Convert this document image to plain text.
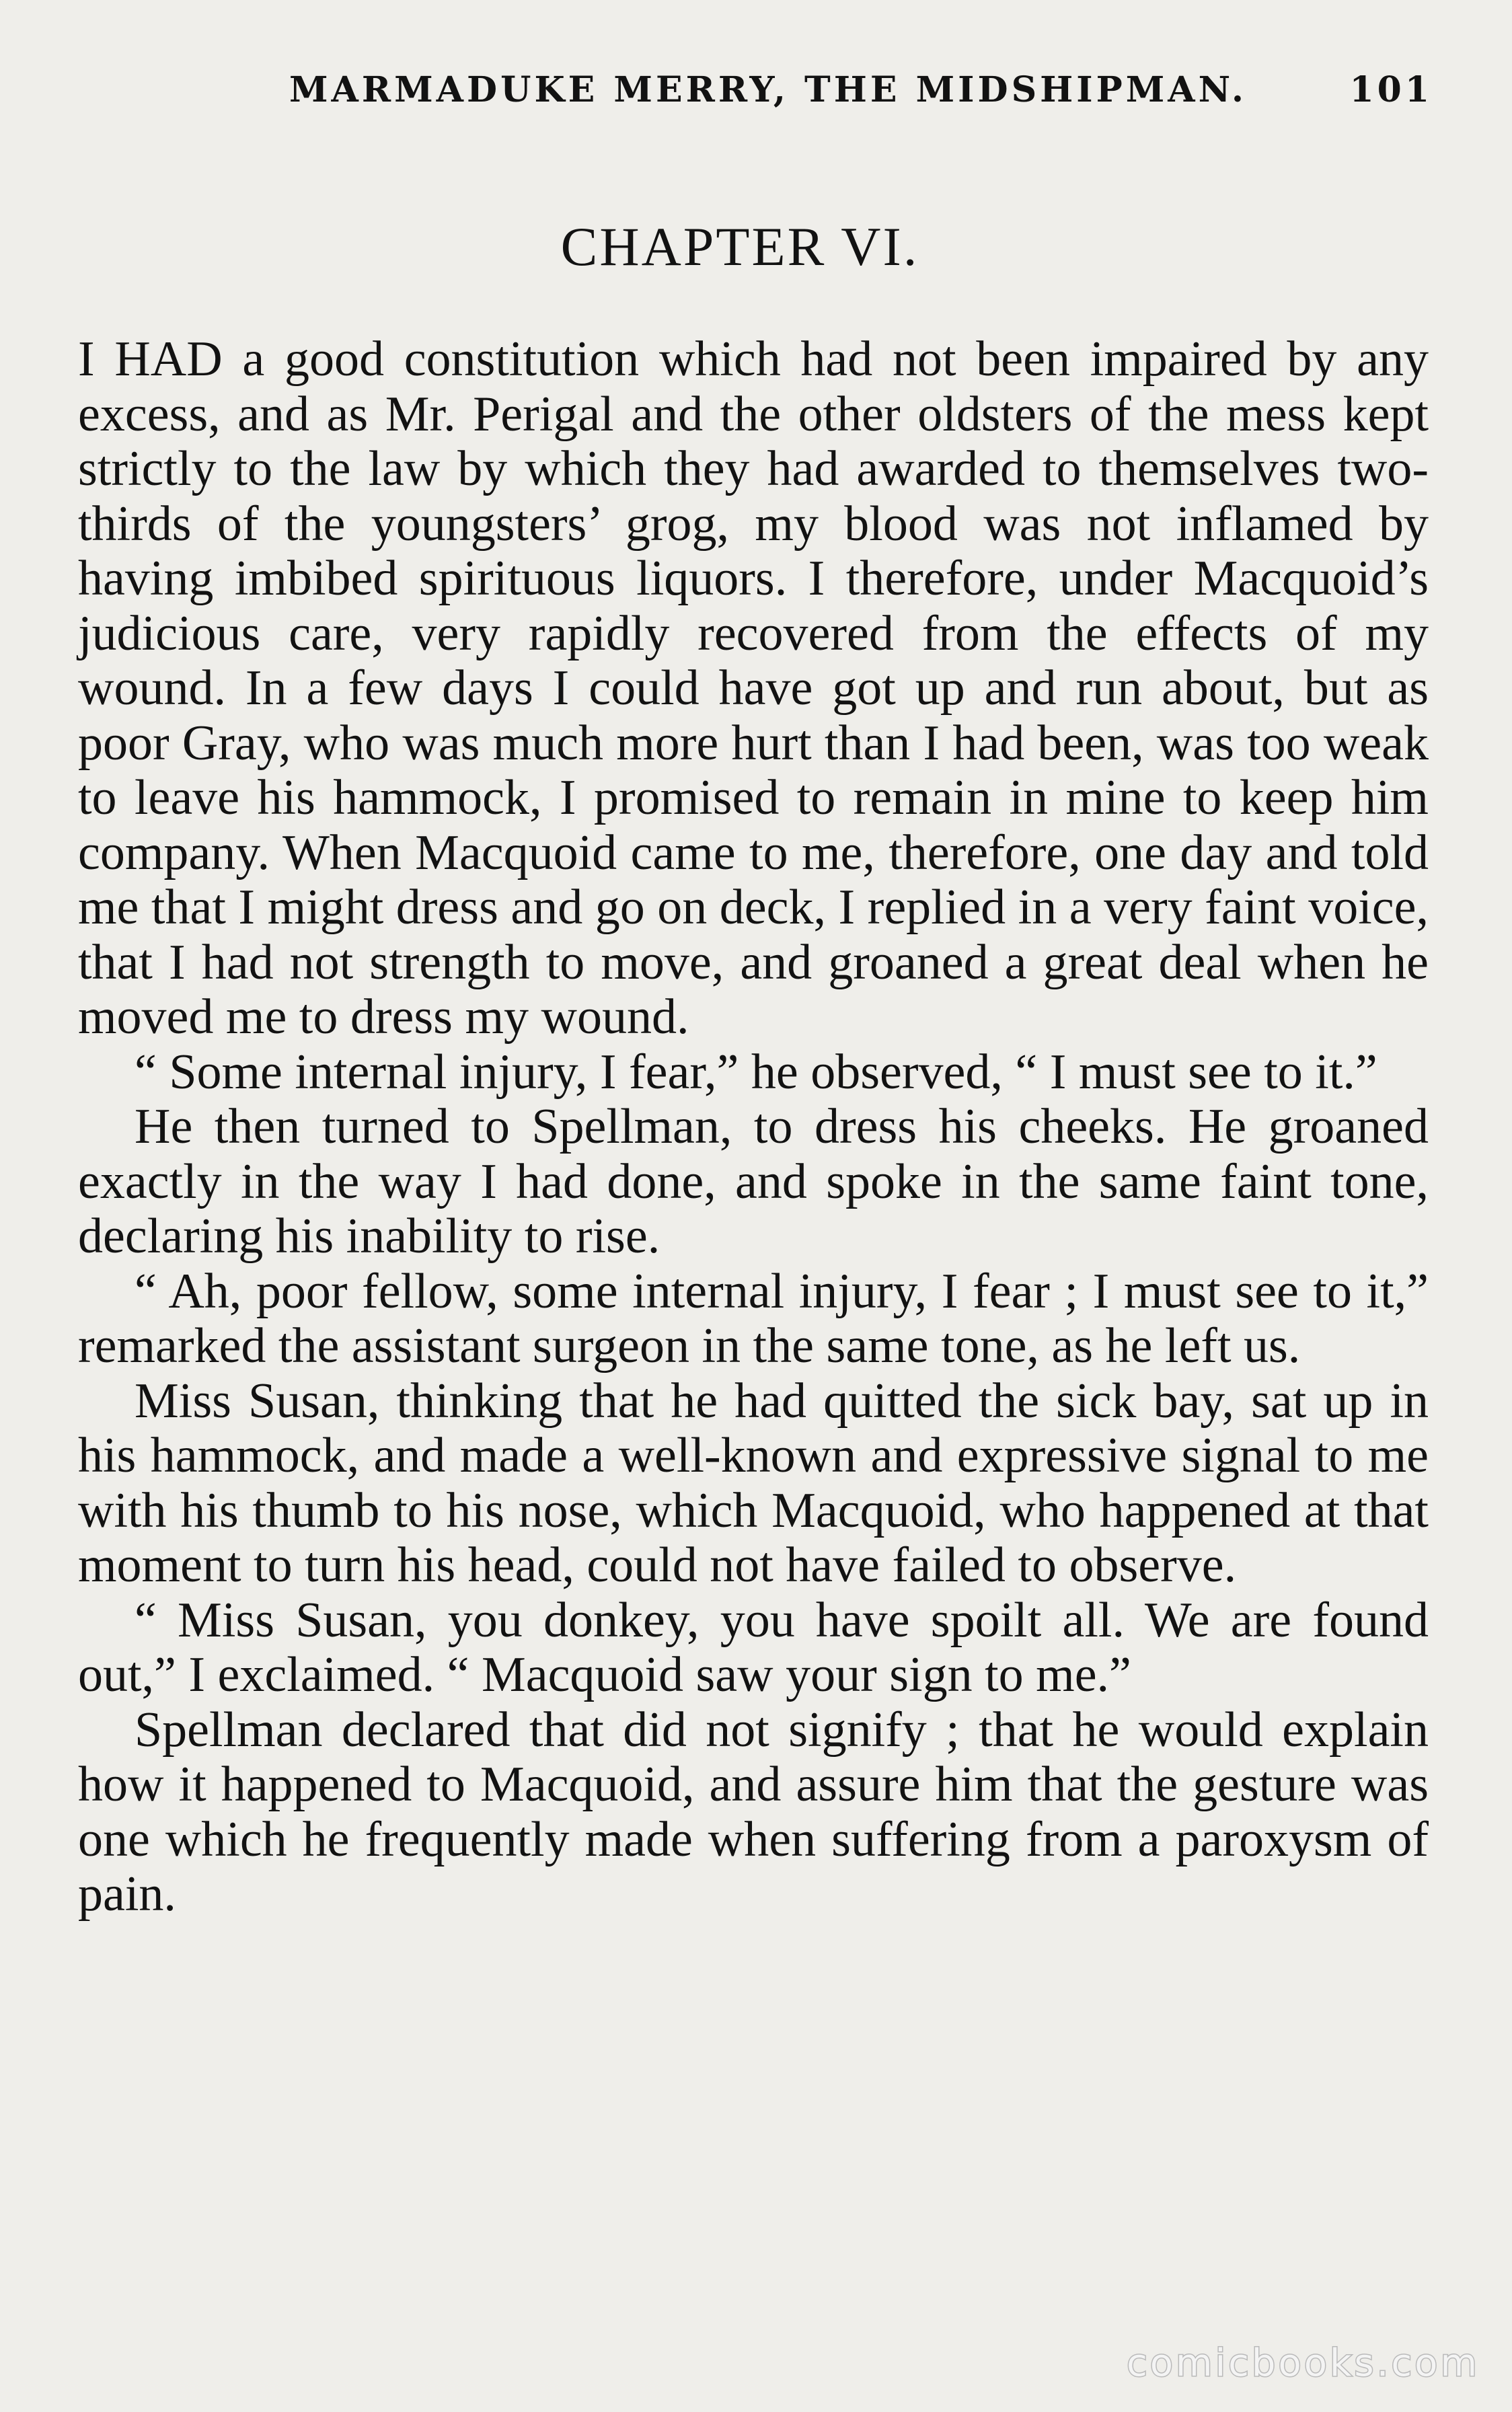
MARMADUKE MERRY, THE MIDSHIPMAN.	101
CHAPTER VI.

I HAD a good constitution which had not been impaired by any excess, and as Mr. Perigal and the other oldsters of the mess kept strictly to the law by which they had awarded to themselves two-thirds of the youngsters’ grog, my blood was not inflamed by having imbibed spirituous liquors. I therefore, under Macquoid’s judicious care, very rapidly recovered from the effects of my wound. In a few days I could have got up and run about, but as poor Gray, who was much more hurt than I had been, was too weak to leave his hammock, I promised to remain in mine to keep him company. When Macquoid came to me, therefore, one day and told me that I might dress and go on deck, I replied in a very faint voice, that I had not strength to move, and groaned a great deal when he moved me to dress my wound.

“ Some internal injury, I fear,” he observed, “ I must see to it.”

He then turned to Spellman, to dress his cheeks. He groaned exactly in the way I had done, and spoke in the same faint tone, declaring his inability to rise.

“ Ah, poor fellow, some internal injury, I fear ; I must see to it,” remarked the assistant surgeon in the same tone, as he left us.

Miss Susan, thinking that he had quitted the sick bay, sat up in his hammock, and made a well-known and expressive signal to me with his thumb to his nose, which Macquoid, who happened at that moment to turn his head, could not have failed to observe.

“ Miss Susan, you donkey, you have spoilt all. We are found out,” I exclaimed. “ Macquoid saw your sign to me.”

Spellman declared that did not signify ; that he would explain how it happened to Macquoid, and assure him that the gesture was one which he frequently made when suffering from a paroxysm of pain.

comicbooks.com
